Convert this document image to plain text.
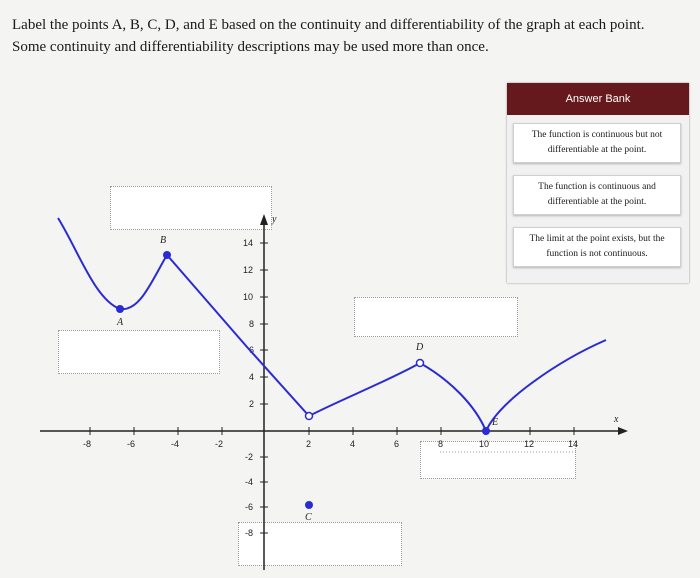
Label the points A, B, C, D, and E based on the continuity and differentiability of the graph at each point. Some continuity and differentiability descriptions may be used more than once.
Answer Bank
The function is continuous but not differentiable at the point.
The function is continuous and differentiable at the point.
The limit at the point exists, but the function is not continuous.
x
y
-8	-6	-4	-2	2	4	6	8	10	12	14
14
12
10
8
6
4
2
-2
-4
-6
-8
A
B
C
D
E
